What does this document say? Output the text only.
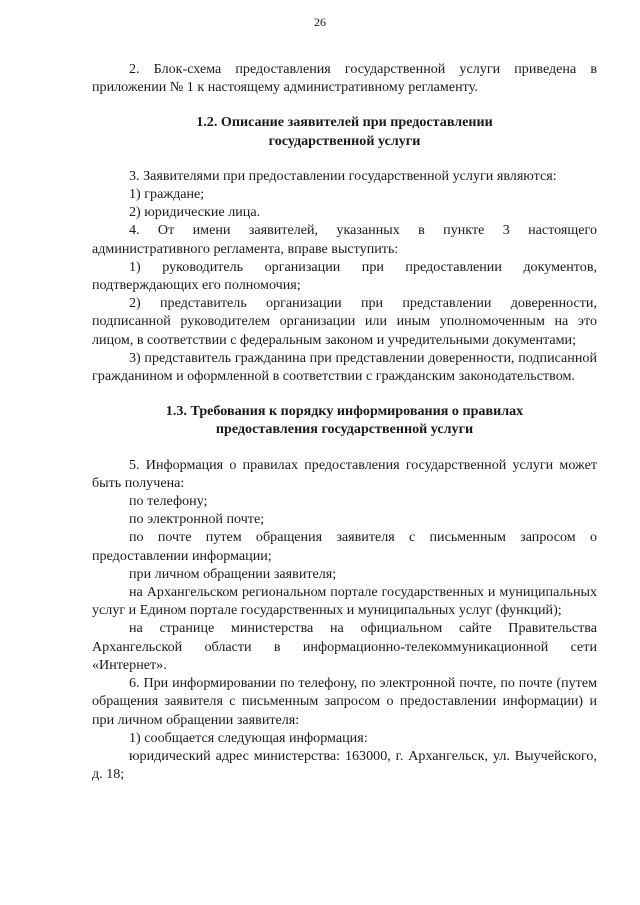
26
2. Блок-схема предоставления государственной услуги приведена в приложении № 1 к настоящему административному регламенту.
1.2. Описание заявителей при предоставлении
государственной услуги
3. Заявителями при предоставлении государственной услуги являются:
1) граждане;
2) юридические лица.
4. От имени заявителей, указанных в пункте 3 настоящего административного регламента, вправе выступить:
1) руководитель организации при предоставлении документов, подтверждающих его полномочия;
2) представитель организации при представлении доверенности, подписанной руководителем организации или иным уполномоченным на это лицом, в соответствии с федеральным законом и учредительными документами;
3) представитель гражданина при представлении доверенности, подписанной гражданином и оформленной в соответствии с гражданским законодательством.
1.3. Требования к порядку информирования о правилах
предоставления государственной услуги
5. Информация о правилах предоставления государственной услуги может быть получена:
по телефону;
по электронной почте;
по почте путем обращения заявителя с письменным запросом о предоставлении информации;
при личном обращении заявителя;
на Архангельском региональном портале государственных и муниципальных услуг и Едином портале государственных и муниципальных услуг (функций);
на странице министерства на официальном сайте Правительства Архангельской области в информационно-телекоммуникационной сети «Интернет».
6. При информировании по телефону, по электронной почте, по почте (путем обращения заявителя с письменным запросом о предоставлении информации) и при личном обращении заявителя:
1) сообщается следующая информация:
юридический адрес министерства: 163000, г. Архангельск, ул. Выучейского, д. 18;
